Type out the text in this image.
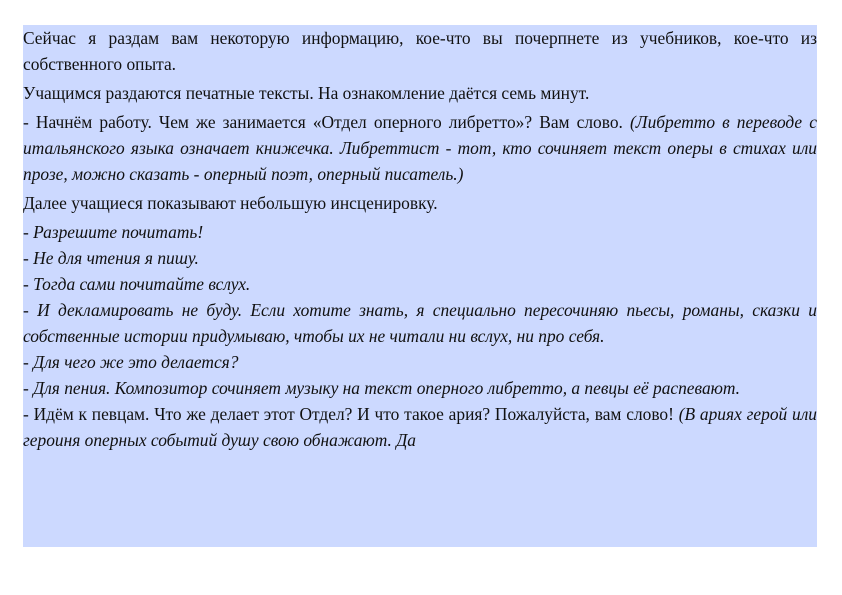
Сейчас я раздам вам некоторую информацию, кое-что вы почерпнете из учебников, кое-что из собственного опыта.

Учащимся раздаются печатные тексты. На ознакомление даётся семь минут.

- Начнём работу. Чем же занимается «Отдел оперного либретто»? Вам слово. (Либретто в переводе с итальянского языка означает книжечка. Либреттист - тот, кто сочиняет текст оперы в стихах или прозе, можно сказать - оперный поэт, оперный писатель.)

Далее учащиеся показывают небольшую инсценировку.

- Разрешите почитать!

- Не для чтения я пишу.

- Тогда сами почитайте вслух.

- И декламировать не буду. Если хотите знать, я специально пересочиняю пьесы, романы, сказки и собственные истории придумываю, чтобы их не читали ни вслух, ни про себя.

- Для чего же это делается?

- Для пения. Композитор сочиняет музыку на текст оперного либретто, а певцы её распевают.

- Идём к певцам. Что же делает этот Отдел? И что такое ария? Пожалуйста, вам слово! (В ариях герой или героиня оперных событий душу свою обнажают. Да
